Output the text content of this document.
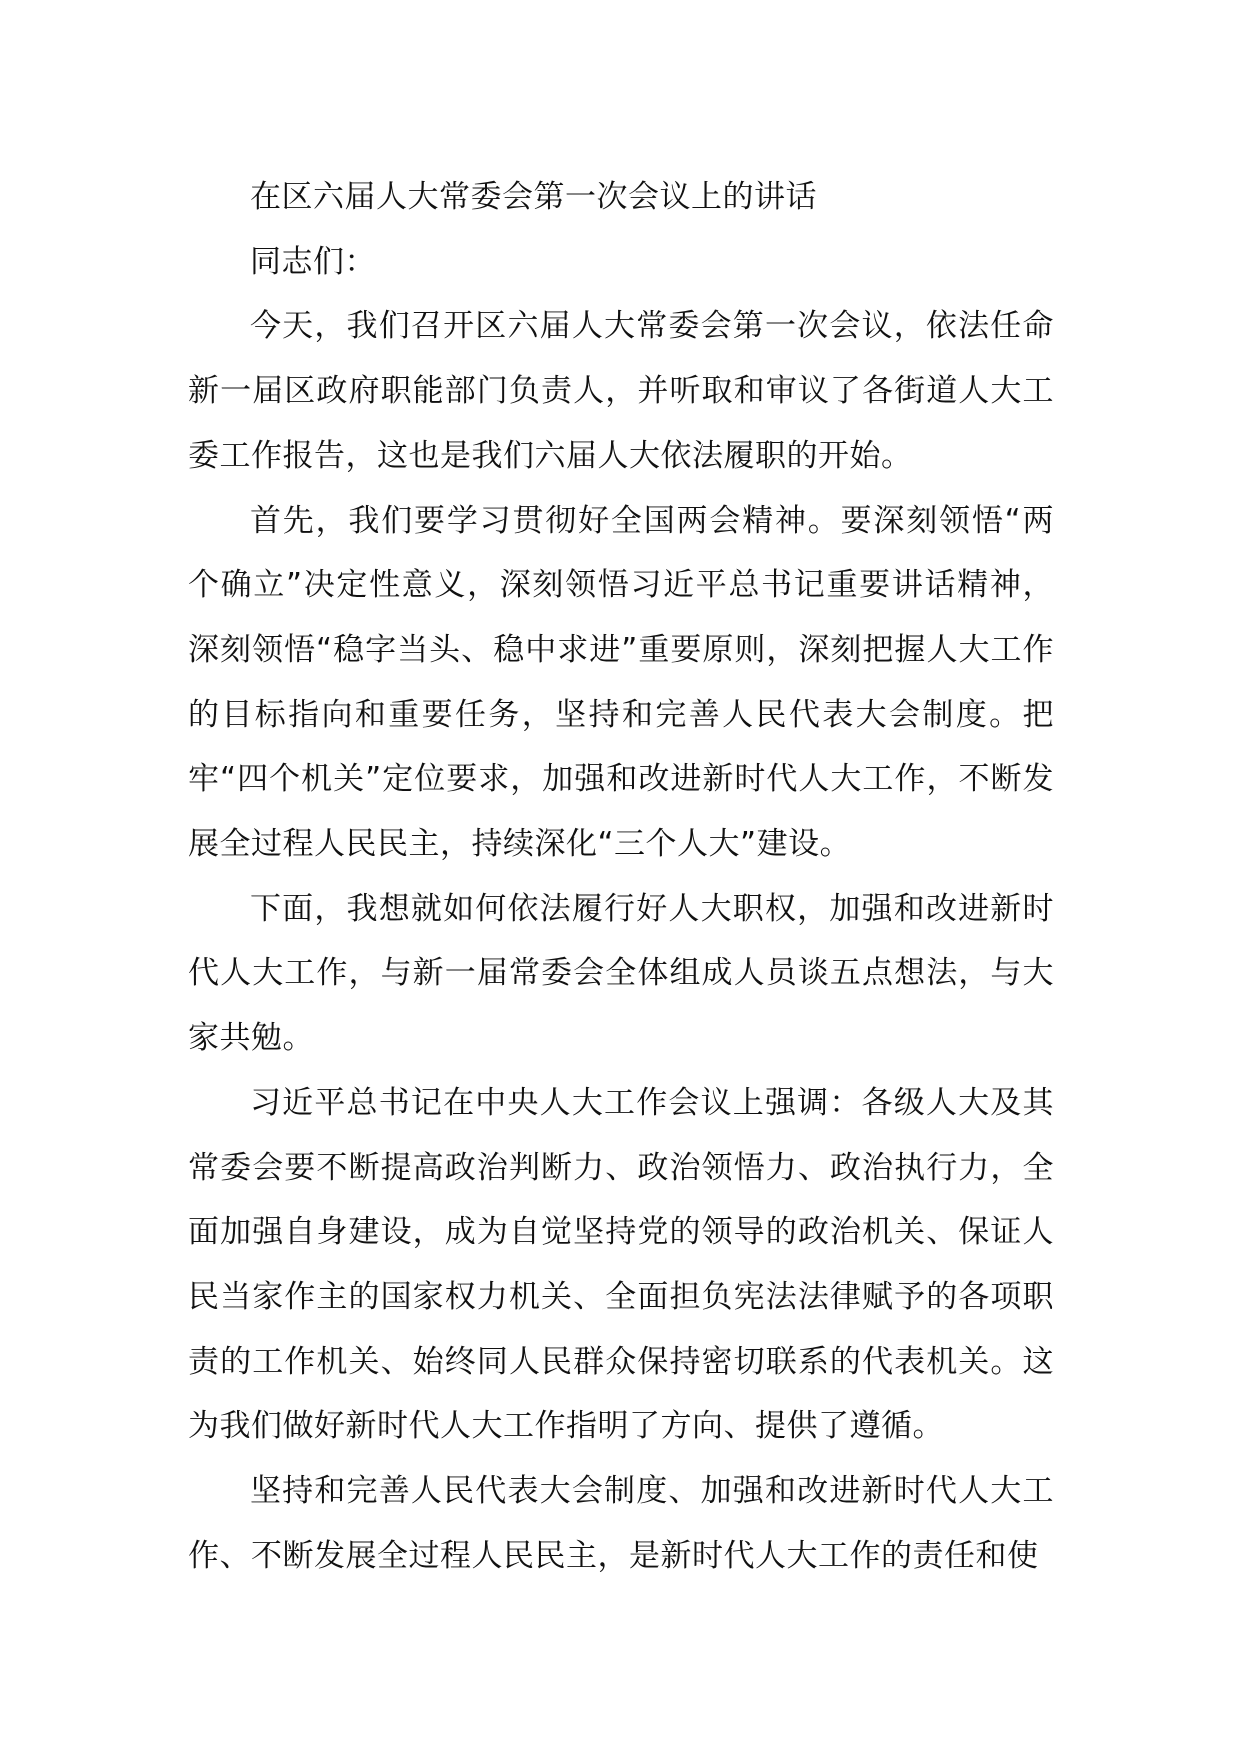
在区六届人大常委会第一次会议上的讲话

同志们：

今天，我们召开区六届人大常委会第一次会议，依法任命新一届区政府职能部门负责人，并听取和审议了各街道人大工委工作报告，这也是我们六届人大依法履职的开始。

首先，我们要学习贯彻好全国两会精神。要深刻领悟“两个确立”决定性意义，深刻领悟习近平总书记重要讲话精神，深刻领悟“稳字当头、稳中求进”重要原则，深刻把握人大工作的目标指向和重要任务，坚持和完善人民代表大会制度。把牢“四个机关”定位要求，加强和改进新时代人大工作，不断发展全过程人民民主，持续深化“三个人大”建设。

下面，我想就如何依法履行好人大职权，加强和改进新时代人大工作，与新一届常委会全体组成人员谈五点想法，与大家共勉。

习近平总书记在中央人大工作会议上强调：各级人大及其常委会要不断提高政治判断力、政治领悟力、政治执行力，全面加强自身建设，成为自觉坚持党的领导的政治机关、保证人民当家作主的国家权力机关、全面担负宪法法律赋予的各项职责的工作机关、始终同人民群众保持密切联系的代表机关。这为我们做好新时代人大工作指明了方向、提供了遵循。

坚持和完善人民代表大会制度、加强和改进新时代人大工作、不断发展全过程人民民主，是新时代人大工作的责任和使
